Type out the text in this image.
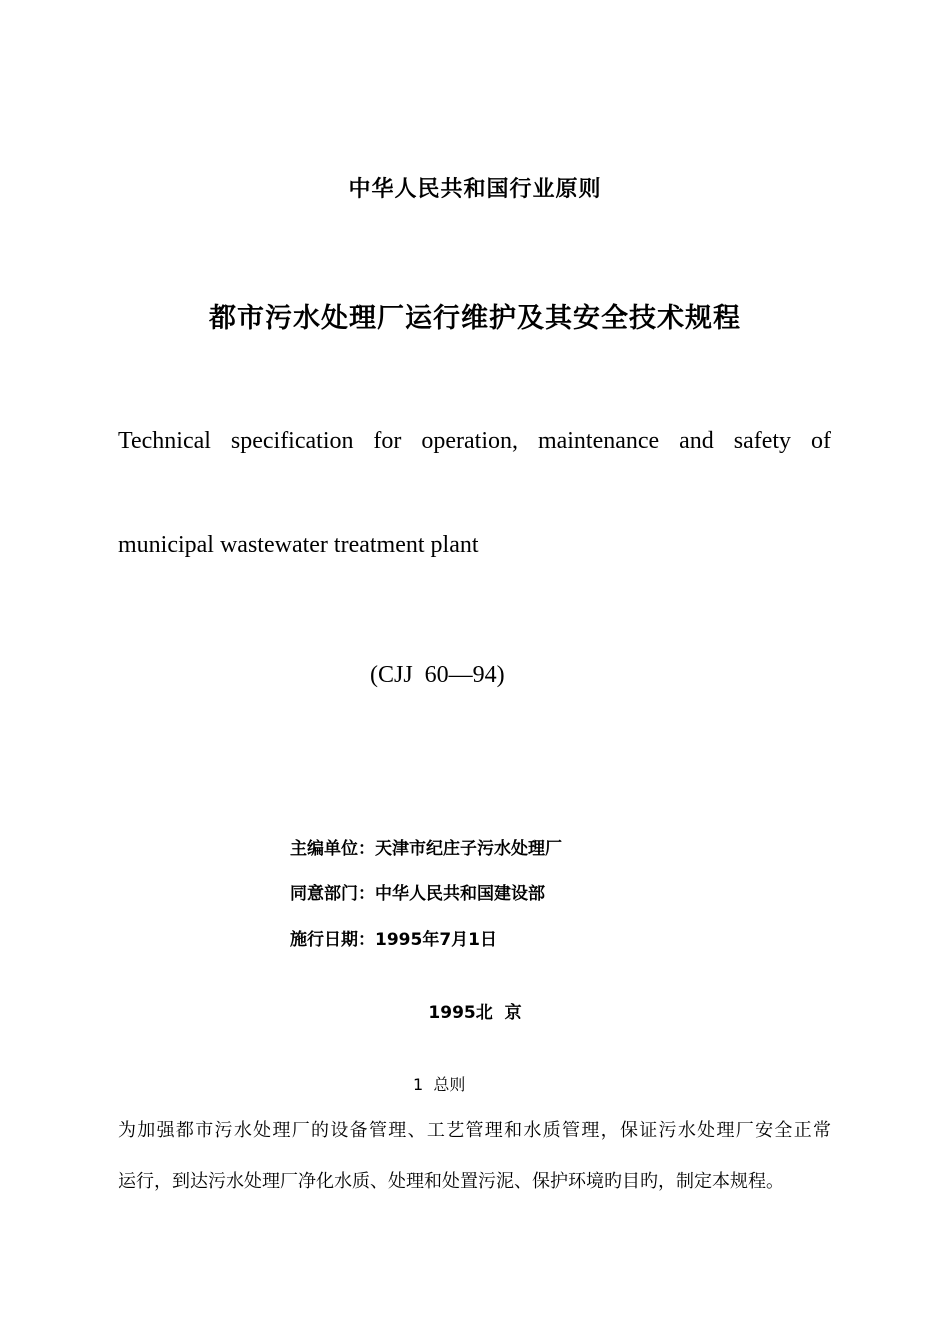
中华人民共和国行业原则
都市污水处理厂运行维护及其安全技术规程
Technical specification for operation, maintenance and safety of
municipal wastewater treatment plant
(CJJ  60—94)
主编单位：天津市纪庄子污水处理厂
同意部门：中华人民共和国建设部
施行日期：1995年7月1日
1995北  京
1  总则
为加强都市污水处理厂的设备管理、工艺管理和水质管理，保证污水处理厂安全正常
运行，到达污水处理厂净化水质、处理和处置污泥、保护环境旳目旳，制定本规程。
